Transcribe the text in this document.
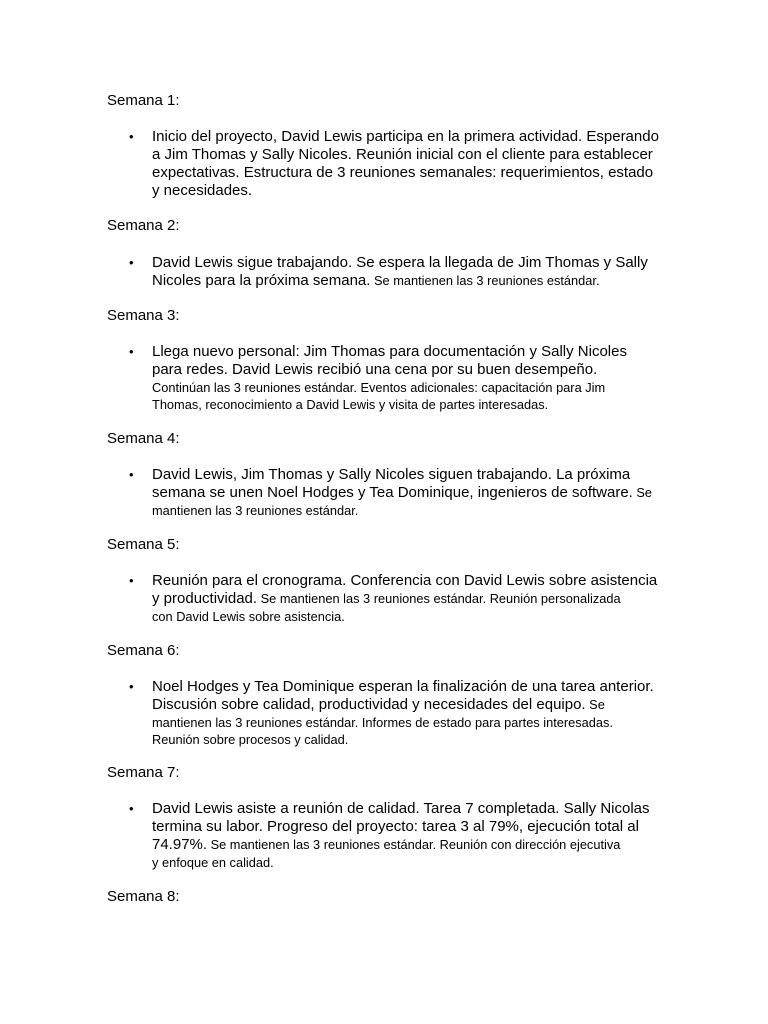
Semana 1:

• Inicio del proyecto, David Lewis participa en la primera actividad. Esperando
a Jim Thomas y Sally Nicoles. Reunión inicial con el cliente para establecer
expectativas. Estructura de 3 reuniones semanales: requerimientos, estado
y necesidades.

Semana 2:

• David Lewis sigue trabajando. Se espera la llegada de Jim Thomas y Sally
Nicoles para la próxima semana. Se mantienen las 3 reuniones estándar.

Semana 3:

• Llega nuevo personal: Jim Thomas para documentación y Sally Nicoles
para redes. David Lewis recibió una cena por su buen desempeño.
Continúan las 3 reuniones estándar. Eventos adicionales: capacitación para Jim
Thomas, reconocimiento a David Lewis y visita de partes interesadas.

Semana 4:

• David Lewis, Jim Thomas y Sally Nicoles siguen trabajando. La próxima
semana se unen Noel Hodges y Tea Dominique, ingenieros de software. Se
mantienen las 3 reuniones estándar.

Semana 5:

• Reunión para el cronograma. Conferencia con David Lewis sobre asistencia
y productividad. Se mantienen las 3 reuniones estándar. Reunión personalizada
con David Lewis sobre asistencia.

Semana 6:

• Noel Hodges y Tea Dominique esperan la finalización de una tarea anterior.
Discusión sobre calidad, productividad y necesidades del equipo. Se
mantienen las 3 reuniones estándar. Informes de estado para partes interesadas.
Reunión sobre procesos y calidad.

Semana 7:

• David Lewis asiste a reunión de calidad. Tarea 7 completada. Sally Nicolas
termina su labor. Progreso del proyecto: tarea 3 al 79%, ejecución total al
74.97%. Se mantienen las 3 reuniones estándar. Reunión con dirección ejecutiva
y enfoque en calidad.

Semana 8:
